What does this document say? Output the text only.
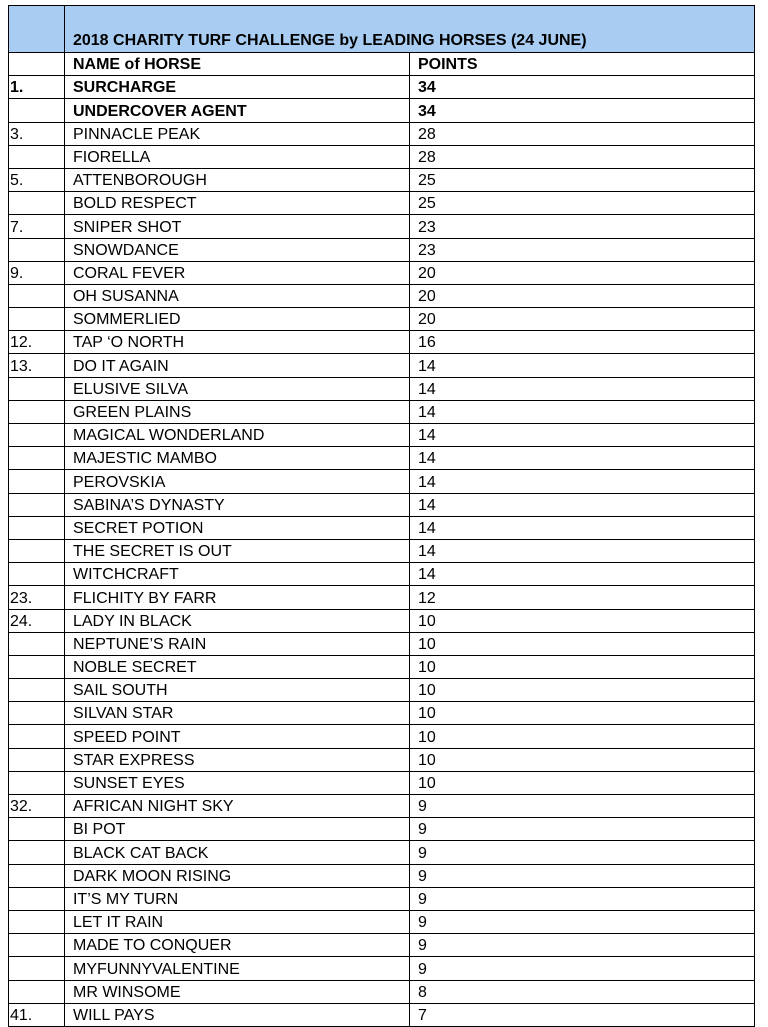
	2018 CHARITY TURF CHALLENGE by LEADING HORSES (24 JUNE)	
	NAME of HORSE	POINTS
1.	SURCHARGE	34
	UNDERCOVER AGENT	34
3.	PINNACLE PEAK	28
	FIORELLA	28
5.	ATTENBOROUGH	25
	BOLD RESPECT	25
7.	SNIPER SHOT	23
	SNOWDANCE	23
9.	CORAL FEVER	20
	OH SUSANNA	20
	SOMMERLIED	20
12.	TAP ‘O NORTH	16
13.	DO IT AGAIN	14
	ELUSIVE SILVA	14
	GREEN PLAINS	14
	MAGICAL WONDERLAND	14
	MAJESTIC MAMBO	14
	PEROVSKIA	14
	SABINA’S DYNASTY	14
	SECRET POTION	14
	THE SECRET IS OUT	14
	WITCHCRAFT	14
23.	FLICHITY BY FARR	12
24.	LADY IN BLACK	10
	NEPTUNE’S RAIN	10
	NOBLE SECRET	10
	SAIL SOUTH	10
	SILVAN STAR	10
	SPEED POINT	10
	STAR EXPRESS	10
	SUNSET EYES	10
32.	AFRICAN NIGHT SKY	9
	BI POT	9
	BLACK CAT BACK	9
	DARK MOON RISING	9
	IT’S MY TURN	9
	LET IT RAIN	9
	MADE TO CONQUER	9
	MYFUNNYVALENTINE	9
	MR WINSOME	8
41.	WILL PAYS	7
